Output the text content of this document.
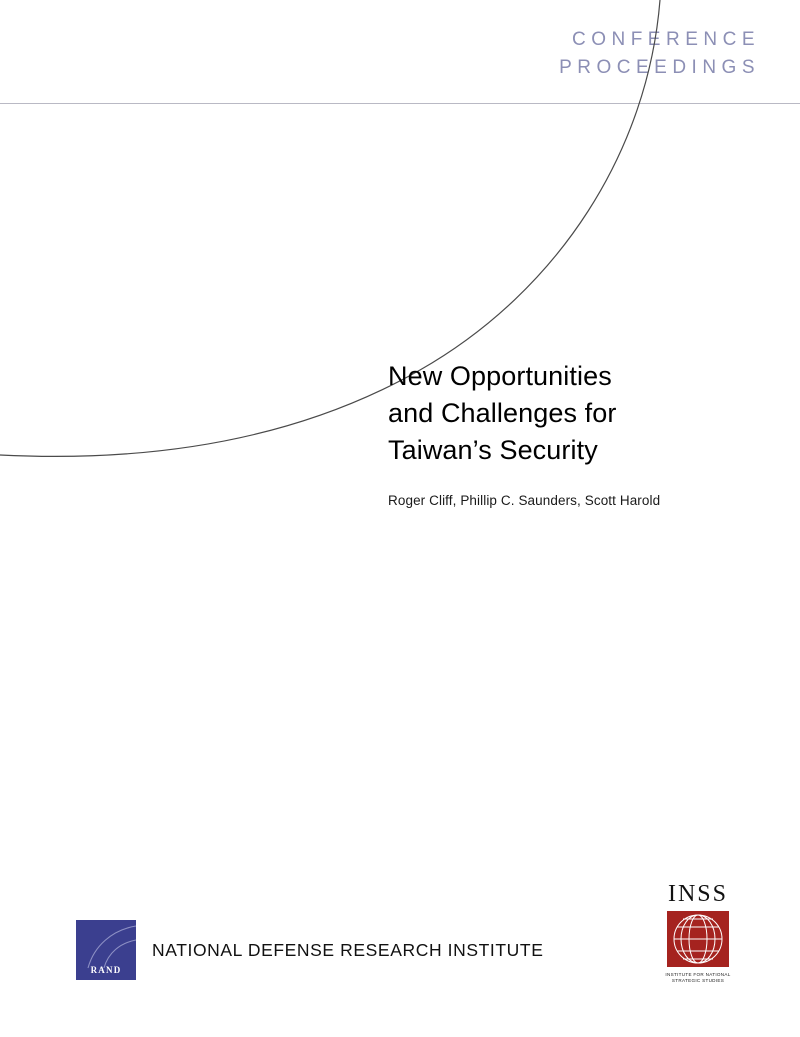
CONFERENCE
PROCEEDINGS
New Opportunities
and Challenges for
Taiwan’s Security
Roger Cliff, Phillip C. Saunders, Scott Harold
RAND
NATIONAL DEFENSE RESEARCH INSTITUTE
INSS
INSTITUTE FOR NATIONAL
STRATEGIC STUDIES
